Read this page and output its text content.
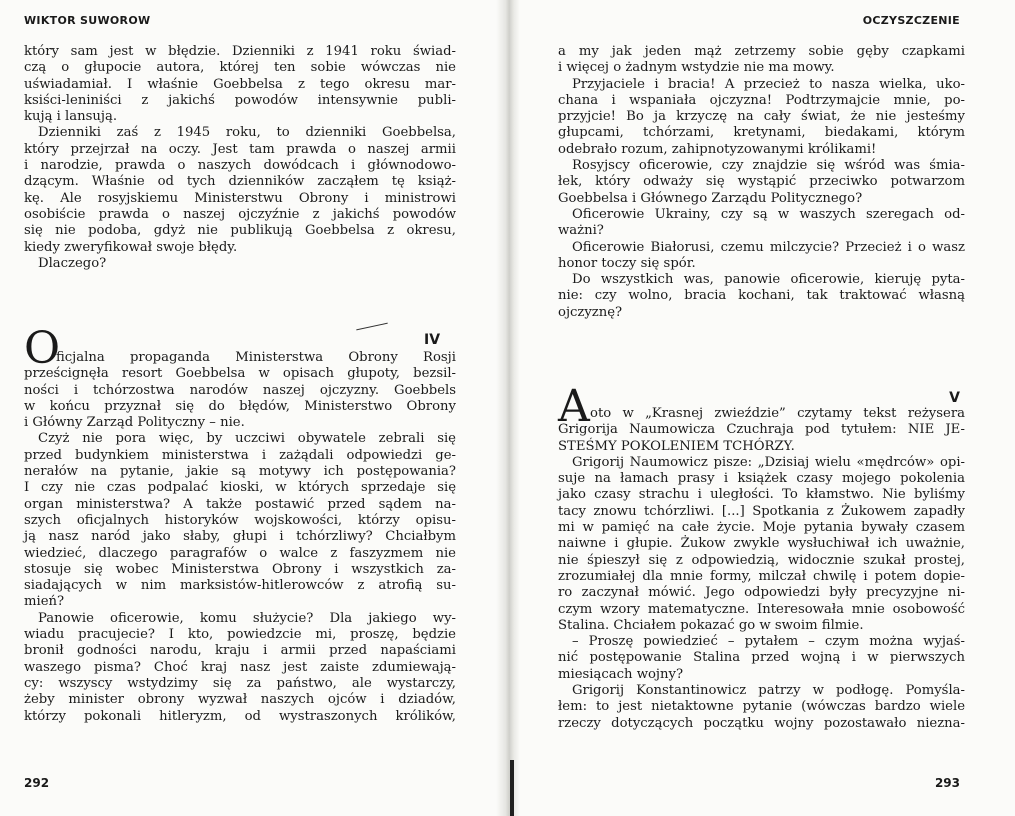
WIKTOR SUWOROW
który sam jest w błędzie. Dzienniki z 1941 roku świad-
czą o głupocie autora, której ten sobie wówczas nie
uświadamiał. I właśnie Goebbelsa z tego okresu mar-
ksiści-leniniści z jakichś powodów intensywnie publi-
kują i lansują.
Dzienniki zaś z 1945 roku, to dzienniki Goebbelsa,
który przejrzał na oczy. Jest tam prawda o naszej armii
i narodzie, prawda o naszych dowódcach i głównodowo-
dzącym. Właśnie od tych dzienników zacząłem tę książ-
kę. Ale rosyjskiemu Ministerstwu Obrony i ministrowi
osobiście prawda o naszej ojczyźnie z jakichś powodów
się nie podoba, gdyż nie publikują Goebbelsa z okresu,
kiedy zweryfikował swoje błędy.
Dlaczego?
IV
O
ficjalna propaganda Ministerstwa Obrony Rosji
prześcignęła resort Goebbelsa w opisach głupoty, bezsil-
ności i tchórzostwa narodów naszej ojczyzny. Goebbels
w końcu przyznał się do błędów, Ministerstwo Obrony
i Główny Zarząd Polityczny – nie.
Czyż nie pora więc, by uczciwi obywatele zebrali się
przed budynkiem ministerstwa i zażądali odpowiedzi ge-
nerałów na pytanie, jakie są motywy ich postępowania?
I czy nie czas podpalać kioski, w których sprzedaje się
organ ministerstwa? A także postawić przed sądem na-
szych oficjalnych historyków wojskowości, którzy opisu-
ją nasz naród jako słaby, głupi i tchórzliwy? Chciałbym
wiedzieć, dlaczego paragrafów o walce z faszyzmem nie
stosuje się wobec Ministerstwa Obrony i wszystkich za-
siadających w nim marksistów-hitlerowców z atrofią su-
mień?
Panowie oficerowie, komu służycie? Dla jakiego wy-
wiadu pracujecie? I kto, powiedzcie mi, proszę, będzie
bronił godności narodu, kraju i armii przed napaściami
waszego pisma? Choć kraj nasz jest zaiste zdumiewają-
cy: wszyscy wstydzimy się za państwo, ale wystarczy,
żeby minister obrony wyzwał naszych ojców i dziadów,
którzy pokonali hitleryzm, od wystraszonych królików,
292
OCZYSZCZENIE
a my jak jeden mąż zetrzemy sobie gęby czapkami
i więcej o żadnym wstydzie nie ma mowy.
Przyjaciele i bracia! A przecież to nasza wielka, uko-
chana i wspaniała ojczyzna! Podtrzymajcie mnie, po-
przyjcie! Bo ja krzyczę na cały świat, że nie jesteśmy
głupcami, tchórzami, kretynami, biedakami, którym
odebrało rozum, zahipnotyzowanymi królikami!
Rosyjscy oficerowie, czy znajdzie się wśród was śmia-
łek, który odważy się wystąpić przeciwko potwarzom
Goebbelsa i Głównego Zarządu Politycznego?
Oficerowie Ukrainy, czy są w waszych szeregach od-
ważni?
Oficerowie Białorusi, czemu milczycie? Przecież i o wasz
honor toczy się spór.
Do wszystkich was, panowie oficerowie, kieruję pyta-
nie: czy wolno, bracia kochani, tak traktować własną
ojczyznę?
V
A oto w „Krasnej zwieździe” czytamy tekst reżysera
Grigorija Naumowicza Czuchraja pod tytułem: NIE JE-
STEŚMY POKOLENIEM TCHÓRZY.
Grigorij Naumowicz pisze: „Dzisiaj wielu «mędrców» opi-
suje na łamach prasy i książek czasy mojego pokolenia
jako czasy strachu i uległości. To kłamstwo. Nie byliśmy
tacy znowu tchórzliwi. [...] Spotkania z Żukowem zapadły
mi w pamięć na całe życie. Moje pytania bywały czasem
naiwne i głupie. Żukow zwykle wysłuchiwał ich uważnie,
nie śpieszył się z odpowiedzią, widocznie szukał prostej,
zrozumiałej dla mnie formy, milczał chwilę i potem dopie-
ro zaczynał mówić. Jego odpowiedzi były precyzyjne ni-
czym wzory matematyczne. Interesowała mnie osobowość
Stalina. Chciałem pokazać go w swoim filmie.
– Proszę powiedzieć – pytałem – czym można wyjaś-
nić postępowanie Stalina przed wojną i w pierwszych
miesiącach wojny?
Grigorij Konstantinowicz patrzy w podłogę. Pomyśla-
łem: to jest nietaktowne pytanie (wówczas bardzo wiele
rzeczy dotyczących początku wojny pozostawało niezna-
293
